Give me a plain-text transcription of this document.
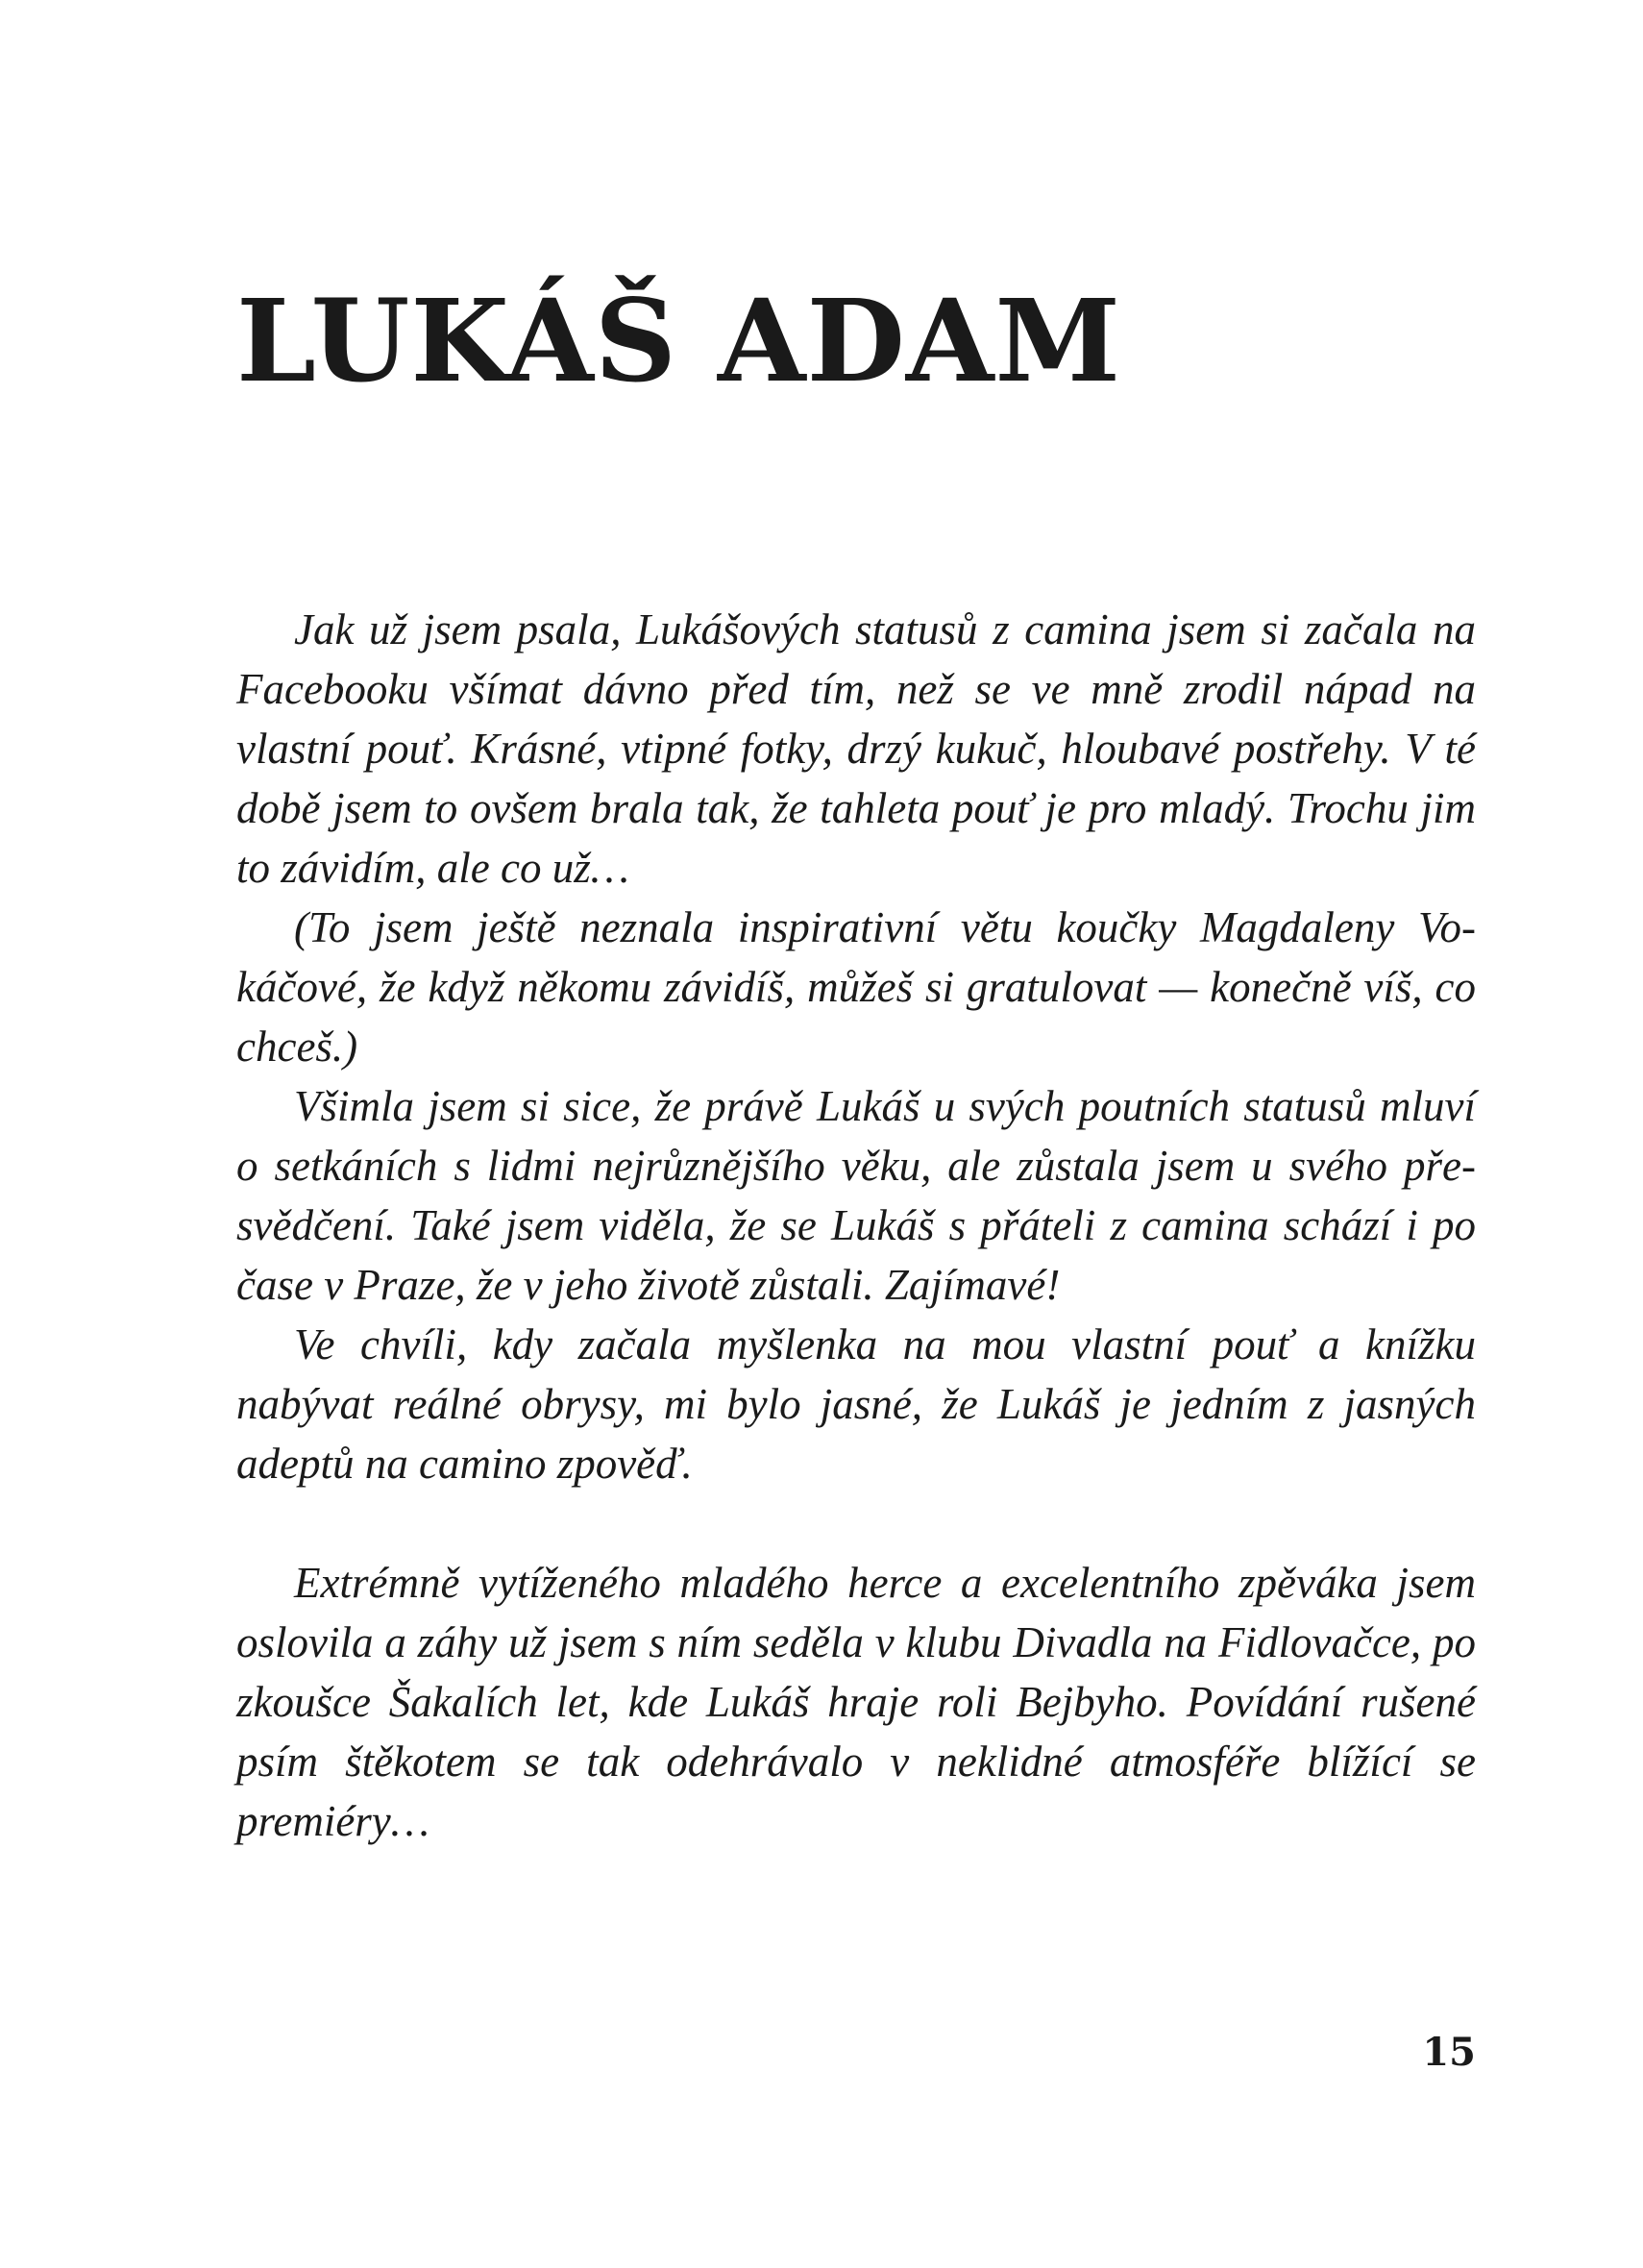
LUKÁŠ ADAM

Jak už jsem psala, Lukášových statusů z camina jsem si začala na Facebooku všímat dávno před tím, než se ve mně zrodil nápad na vlastní pouť. Krásné, vtipné fotky, drzý kukuč, hloubavé postřehy. V té době jsem to ovšem brala tak, že tahleta pouť je pro mladý. Trochu jim to závidím, ale co už…

(To jsem ještě neznala inspirativní větu koučky Magdaleny Vokáčové, že když někomu závidíš, můžeš si gratulovat — konečně víš, co chceš.)

Všimla jsem si sice, že právě Lukáš u svých poutních statusů mluví o setkáních s lidmi nejrůznějšího věku, ale zůstala jsem u svého přesvědčení. Také jsem viděla, že se Lukáš s přáteli z camina schází i po čase v Praze, že v jeho životě zůstali. Zajímavé!

Ve chvíli, kdy začala myšlenka na mou vlastní pouť a knížku nabývat reálné obrysy, mi bylo jasné, že Lukáš je jedním z jasných adeptů na camino zpověď.

Extrémně vytíženého mladého herce a excelentního zpěváka jsem oslovila a záhy už jsem s ním seděla v klubu Divadla na Fidlovačce, po zkoušce Šakalích let, kde Lukáš hraje roli Bejbyho. Povídání rušené psím štěkotem se tak odehrávalo v neklidné atmosféře blížící se premiéry…

15
